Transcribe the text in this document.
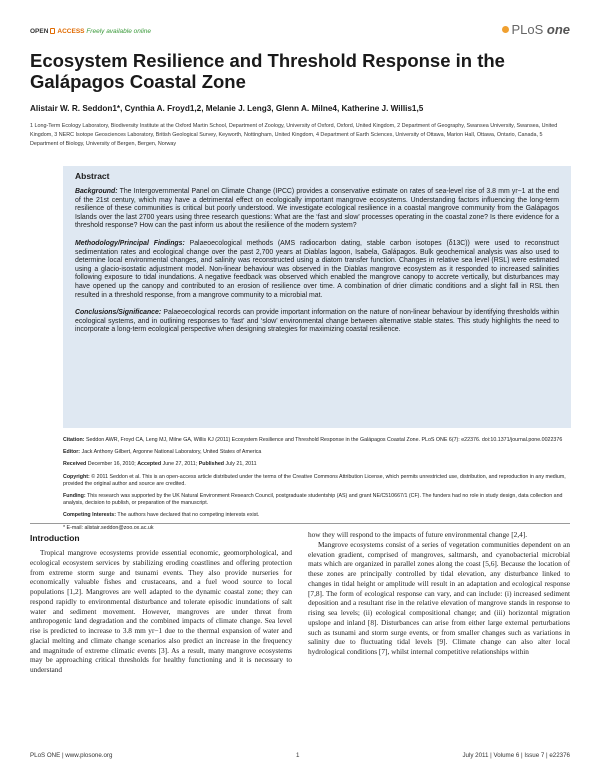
OPEN ACCESS Freely available online	PLoS one
Ecosystem Resilience and Threshold Response in the Galápagos Coastal Zone
Alistair W. R. Seddon1*, Cynthia A. Froyd1,2, Melanie J. Leng3, Glenn A. Milne4, Katherine J. Willis1,5
1 Long-Term Ecology Laboratory, Biodiversity Institute at the Oxford Martin School, Department of Zoology, University of Oxford, Oxford, United Kingdom, 2 Department of Geography, Swansea University, Swansea, United Kingdom, 3 NERC Isotope Geosciences Laboratory, British Geological Survey, Keyworth, Nottingham, United Kingdom, 4 Department of Earth Sciences, University of Ottawa, Marion Hall, Ottawa, Ontario, Canada, 5 Department of Biology, University of Bergen, Bergen, Norway
Abstract

Background: The Intergovernmental Panel on Climate Change (IPCC) provides a conservative estimate on rates of sea-level rise of 3.8 mm yr−1 at the end of the 21st century, which may have a detrimental effect on ecologically important mangrove ecosystems. Understanding factors influencing the long-term resilience of these communities is critical but poorly understood. We investigate ecological resilience in a coastal mangrove community from the Galápagos Islands over the last 2700 years using three research questions: What are the ‘fast and slow’ processes operating in the coastal zone? Is there evidence for a threshold response? How can the past inform us about the resilience of the modern system?

Methodology/Principal Findings: Palaeoecological methods (AMS radiocarbon dating, stable carbon isotopes (δ13C)) were used to reconstruct sedimentation rates and ecological change over the past 2,700 years at Diablas lagoon, Isabela, Galápagos. Bulk geochemical analysis was also used to determine local environmental changes, and salinity was reconstructed using a diatom transfer function. Changes in relative sea level (RSL) were estimated using a glacio-isostatic adjustment model. Non-linear behaviour was observed in the Diablas mangrove ecosystem as it responded to increased salinities following exposure to tidal inundations. A negative feedback was observed which enabled the mangrove canopy to accrete vertically, but disturbances may have opened up the canopy and contributed to an erosion of resilience over time. A combination of drier climatic conditions and a slight fall in RSL then resulted in a threshold response, from a mangrove community to a microbial mat.

Conclusions/Significance: Palaeoecological records can provide important information on the nature of non-linear behaviour by identifying thresholds within ecological systems, and in outlining responses to ‘fast’ and ‘slow’ environmental change between alternative stable states. This study highlights the need to incorporate a long-term ecological perspective when designing strategies for maximizing coastal resilience.

Citation: Seddon AWR, Froyd CA, Leng MJ, Milne GA, Willis KJ (2011) Ecosystem Resilience and Threshold Response in the Galápagos Coastal Zone. PLoS ONE 6(7): e22376. doi:10.1371/journal.pone.0022376

Editor: Jack Anthony Gilbert, Argonne National Laboratory, United States of America

Received December 16, 2010; Accepted June 27, 2011; Published July 21, 2011

Copyright: © 2011 Seddon et al. This is an open-access article distributed under the terms of the Creative Commons Attribution License, which permits unrestricted use, distribution, and reproduction in any medium, provided the original author and source are credited.

Funding: This research was supported by the UK Natural Environment Research Council, postgraduate studentship (AS) and grant NE/C510667/1 (CF). The funders had no role in study design, data collection and analysis, decision to publish, or preparation of the manuscript.

Competing Interests: The authors have declared that no competing interests exist.

* E-mail: alistair.seddon@zoo.ox.ac.uk

Introduction

Tropical mangrove ecosystems provide essential economic, geomorphological, and ecological ecosystem services by stabilizing eroding coastlines and offering protection from extreme storm surge and tsunami events. They also provide nurseries for economically valuable fishes and crustaceans, and a fuel wood source to local populations [1,2]. Mangroves are well adapted to the dynamic coastal zone; they can respond rapidly to environmental disturbance and tolerate episodic inundations of salt water and sediment movement. However, mangroves are under threat from anthropogenic land degradation and the combined impacts of climate change. Sea level rise is predicted to increase to 3.8 mm yr−1 due to the thermal expansion of water and glacial melting and climate change scenarios also predict an increase in the frequency and magnitude of extreme climatic events [3]. As a result, many mangrove ecosystems may be approaching critical thresholds for healthy functioning and it is necessary to understand

how they will respond to the impacts of future environmental change [2,4].

Mangrove ecosystems consist of a series of vegetation communities dependent on an elevation gradient, comprised of mangroves, saltmarsh, and cyanobacterial microbial mats which are organized in parallel zones along the coast [5,6]. Because the location of these zones are principally controlled by tidal elevation, any disturbance linked to changes in tidal height or amplitude will result in an adaptation and ecological response [7,8]. The form of ecological response can vary, and can include: (i) increased sediment deposition and a resultant rise in the relative elevation of mangrove stands in response to rising sea levels; (ii) ecological compositional change; and (iii) horizontal migration upslope and inland [8]. Disturbances can arise from either large external perturbations such as tsunami and storm surge events, or from smaller changes such as variations in salinity due to fluctuating tidal levels [9]. Climate change can also alter local hydrological conditions [7], whilst internal competitive relationships within

PLoS ONE | www.plosone.org	1	July 2011 | Volume 6 | Issue 7 | e22376
